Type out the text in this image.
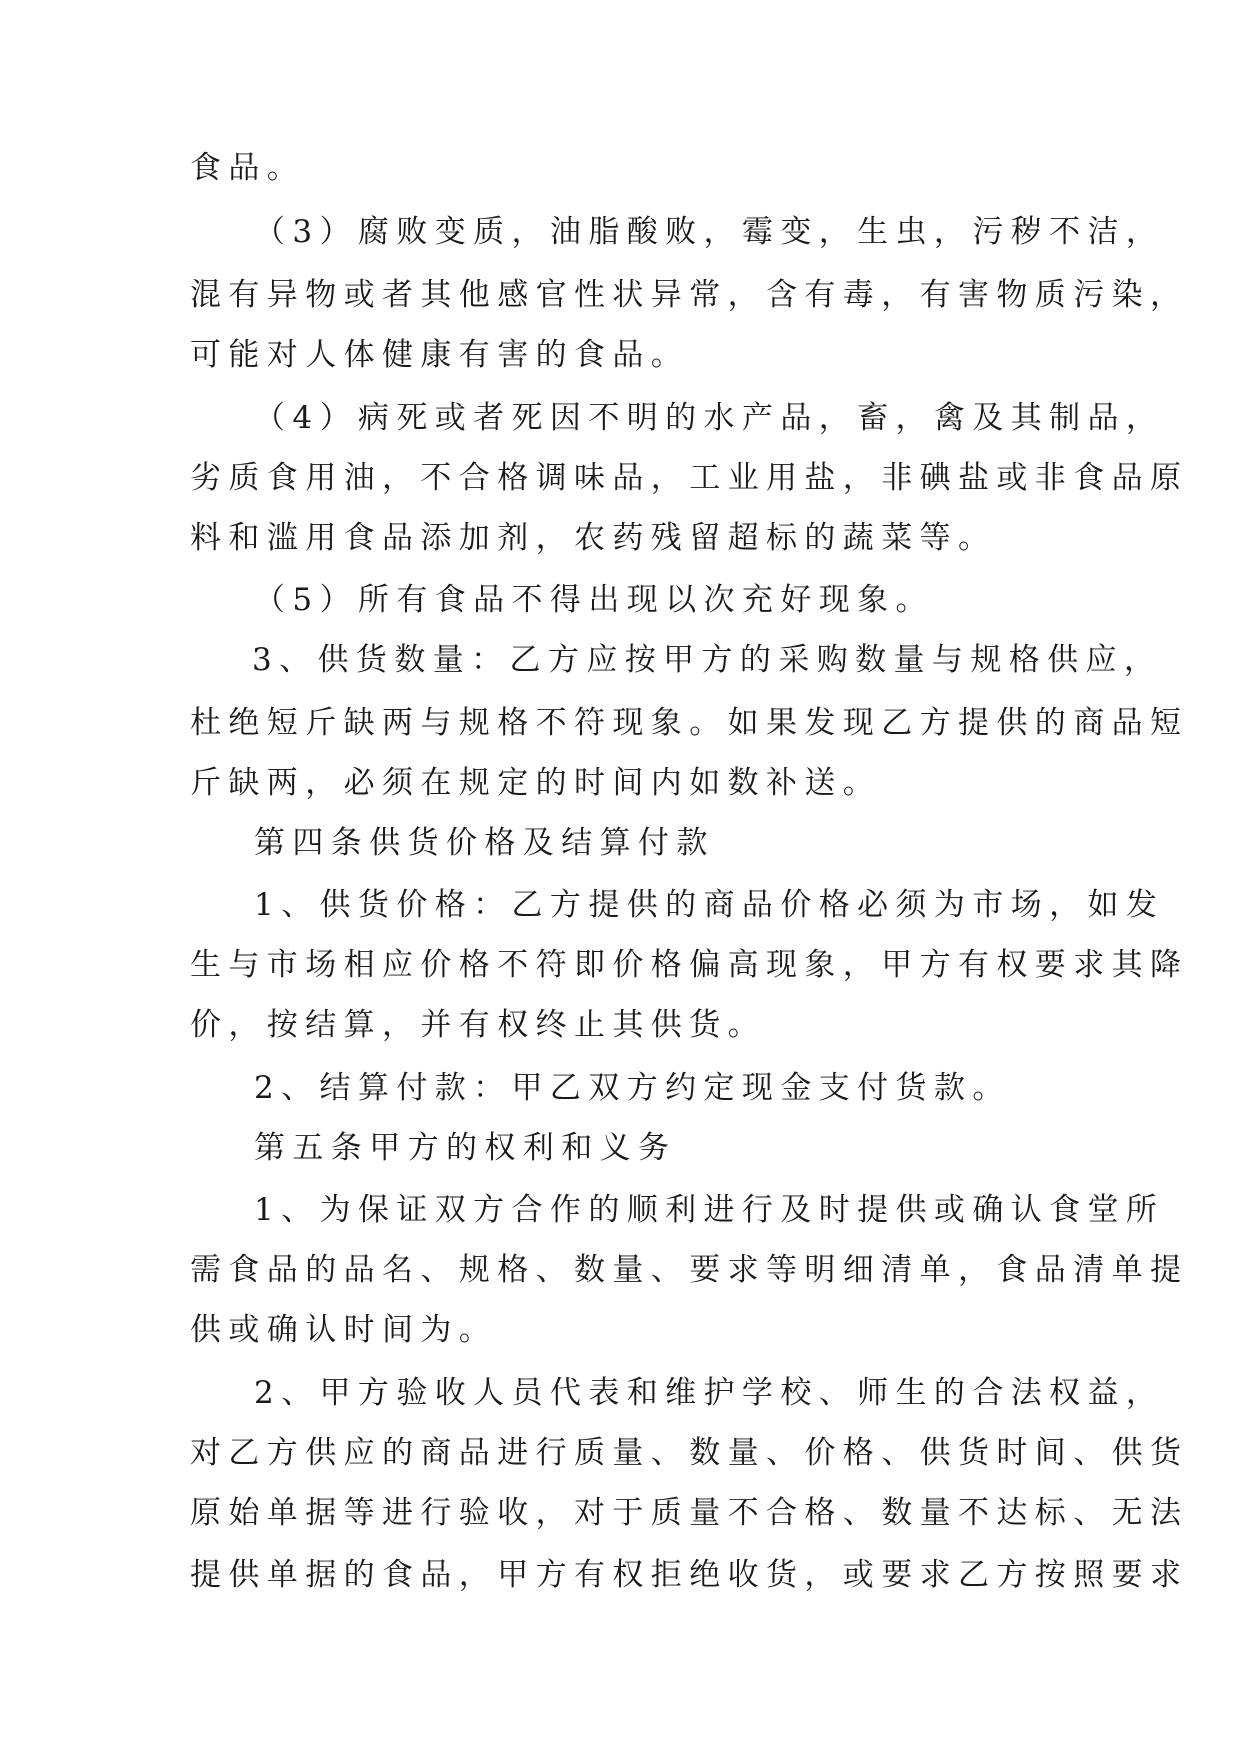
食品。
（3）腐败变质，油脂酸败，霉变，生虫，污秽不洁，
混有异物或者其他感官性状异常，含有毒，有害物质污染，
可能对人体健康有害的食品。
（4）病死或者死因不明的水产品，畜，禽及其制品，
劣质食用油，不合格调味品，工业用盐，非碘盐或非食品原
料和滥用食品添加剂，农药残留超标的蔬菜等。
（5）所有食品不得出现以次充好现象。
3、供货数量：乙方应按甲方的采购数量与规格供应，
杜绝短斤缺两与规格不符现象。如果发现乙方提供的商品短
斤缺两，必须在规定的时间内如数补送。
第四条供货价格及结算付款
1、供货价格：乙方提供的商品价格必须为市场，如发
生与市场相应价格不符即价格偏高现象，甲方有权要求其降
价，按结算，并有权终止其供货。
2、结算付款：甲乙双方约定现金支付货款。
第五条甲方的权利和义务
1、为保证双方合作的顺利进行及时提供或确认食堂所
需食品的品名、规格、数量、要求等明细清单，食品清单提
供或确认时间为。
2、甲方验收人员代表和维护学校、师生的合法权益，
对乙方供应的商品进行质量、数量、价格、供货时间、供货
原始单据等进行验收，对于质量不合格、数量不达标、无法
提供单据的食品，甲方有权拒绝收货，或要求乙方按照要求
